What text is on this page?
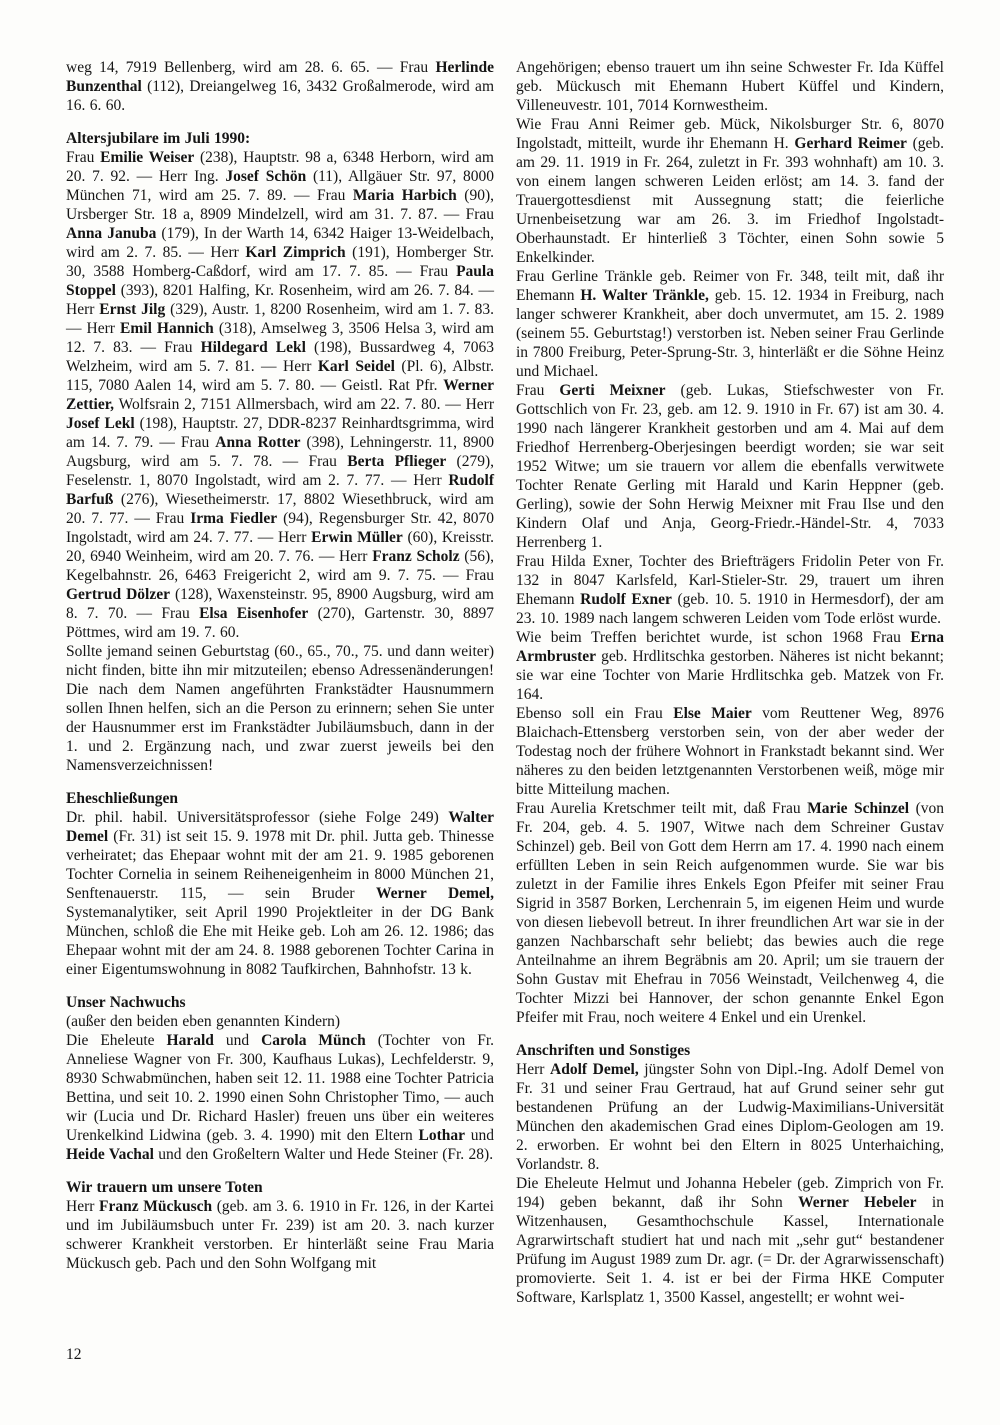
weg 14, 7919 Bellenberg, wird am 28. 6. 65. — Frau Herlinde Bunzenthal (112), Dreiangelweg 16, 3432 Großalmerode, wird am 16. 6. 60.

Altersjubilare im Juli 1990:

Frau Emilie Weiser (238), Hauptstr. 98 a, 6348 Herborn, wird am 20. 7. 92. — Herr Ing. Josef Schön (11), Allgäuer Str. 97, 8000 München 71, wird am 25. 7. 89. — Frau Maria Harbich (90), Ursberger Str. 18 a, 8909 Mindelzell, wird am 31. 7. 87. — Frau Anna Januba (179), In der Warth 14, 6342 Haiger 13-Weidelbach, wird am 2. 7. 85. — Herr Karl Zimprich (191), Homberger Str. 30, 3588 Homberg-Caßdorf, wird am 17. 7. 85. — Frau Paula Stoppel (393), 8201 Halfing, Kr. Rosenheim, wird am 26. 7. 84. — Herr Ernst Jilg (329), Austr. 1, 8200 Rosenheim, wird am 1. 7. 83. — Herr Emil Hannich (318), Amselweg 3, 3506 Helsa 3, wird am 12. 7. 83. — Frau Hildegard Lekl (198), Bussardweg 4, 7063 Welzheim, wird am 5. 7. 81. — Herr Karl Seidel (Pl. 6), Albstr. 115, 7080 Aalen 14, wird am 5. 7. 80. — Geistl. Rat Pfr. Werner Zettier, Wolfsrain 2, 7151 Allmersbach, wird am 22. 7. 80. — Herr Josef Lekl (198), Hauptstr. 27, DDR-8237 Reinhardtsgrimma, wird am 14. 7. 79. — Frau Anna Rotter (398), Lehningerstr. 11, 8900 Augsburg, wird am 5. 7. 78. — Frau Berta Pflieger (279), Feselenstr. 1, 8070 Ingolstadt, wird am 2. 7. 77. — Herr Rudolf Barfuß (276), Wiesetheimerstr. 17, 8802 Wiesethbruck, wird am 20. 7. 77. — Frau Irma Fiedler (94), Regensburger Str. 42, 8070 Ingolstadt, wird am 24. 7. 77. — Herr Erwin Müller (60), Kreisstr. 20, 6940 Weinheim, wird am 20. 7. 76. — Herr Franz Scholz (56), Kegelbahnstr. 26, 6463 Freigericht 2, wird am 9. 7. 75. — Frau Gertrud Dölzer (128), Waxensteinstr. 95, 8900 Augsburg, wird am 8. 7. 70. — Frau Elsa Eisenhofer (270), Gartenstr. 30, 8897 Pöttmes, wird am 19. 7. 60.

Sollte jemand seinen Geburtstag (60., 65., 70., 75. und dann weiter) nicht finden, bitte ihn mir mitzuteilen; ebenso Adressenänderungen! Die nach dem Namen angeführten Frankstädter Hausnummern sollen Ihnen helfen, sich an die Person zu erinnern; sehen Sie unter der Hausnummer erst im Frankstädter Jubiläumsbuch, dann in der 1. und 2. Ergänzung nach, und zwar zuerst jeweils bei den Namensverzeichnissen!

Eheschließungen

Dr. phil. habil. Universitätsprofessor (siehe Folge 249) Walter Demel (Fr. 31) ist seit 15. 9. 1978 mit Dr. phil. Jutta geb. Thinesse verheiratet; das Ehepaar wohnt mit der am 21. 9. 1985 geborenen Tochter Cornelia in seinem Reiheneigenheim in 8000 München 21, Senftenauerstr. 115, — sein Bruder Werner Demel, Systemanalytiker, seit April 1990 Projektleiter in der DG Bank München, schloß die Ehe mit Heike geb. Loh am 26. 12. 1986; das Ehepaar wohnt mit der am 24. 8. 1988 geborenen Tochter Carina in einer Eigentumswohnung in 8082 Taufkirchen, Bahnhofstr. 13 k.

Unser Nachwuchs

(außer den beiden eben genannten Kindern)

Die Eheleute Harald und Carola Münch (Tochter von Fr. Anneliese Wagner von Fr. 300, Kaufhaus Lukas), Lechfelderstr. 9, 8930 Schwabmünchen, haben seit 12. 11. 1988 eine Tochter Patricia Bettina, und seit 10. 2. 1990 einen Sohn Christopher Timo, — auch wir (Lucia und Dr. Richard Hasler) freuen uns über ein weiteres Urenkelkind Lidwina (geb. 3. 4. 1990) mit den Eltern Lothar und Heide Vachal und den Großeltern Walter und Hede Steiner (Fr. 28).

Wir trauern um unsere Toten

Herr Franz Mückusch (geb. am 3. 6. 1910 in Fr. 126, in der Kartei und im Jubiläumsbuch unter Fr. 239) ist am 20. 3. nach kurzer schwerer Krankheit verstorben. Er hinterläßt seine Frau Maria Mückusch geb. Pach und den Sohn Wolfgang mit

Angehörigen; ebenso trauert um ihn seine Schwester Fr. Ida Küffel geb. Mückusch mit Ehemann Hubert Küffel und Kindern, Villeneuvestr. 101, 7014 Kornwestheim.

Wie Frau Anni Reimer geb. Mück, Nikolsburger Str. 6, 8070 Ingolstadt, mitteilt, wurde ihr Ehemann H. Gerhard Reimer (geb. am 29. 11. 1919 in Fr. 264, zuletzt in Fr. 393 wohnhaft) am 10. 3. von einem langen schweren Leiden erlöst; am 14. 3. fand der Trauergottesdienst mit Aussegnung statt; die feierliche Urnenbeisetzung war am 26. 3. im Friedhof Ingolstadt-Oberhaunstadt. Er hinterließ 3 Töchter, einen Sohn sowie 5 Enkelkinder.

Frau Gerline Tränkle geb. Reimer von Fr. 348, teilt mit, daß ihr Ehemann H. Walter Tränkle, geb. 15. 12. 1934 in Freiburg, nach langer schwerer Krankheit, aber doch unvermutet, am 15. 2. 1989 (seinem 55. Geburtstag!) verstorben ist. Neben seiner Frau Gerlinde in 7800 Freiburg, Peter-Sprung-Str. 3, hinterläßt er die Söhne Heinz und Michael.

Frau Gerti Meixner (geb. Lukas, Stiefschwester von Fr. Gottschlich von Fr. 23, geb. am 12. 9. 1910 in Fr. 67) ist am 30. 4. 1990 nach längerer Krankheit gestorben und am 4. Mai auf dem Friedhof Herrenberg-Oberjesingen beerdigt worden; sie war seit 1952 Witwe; um sie trauern vor allem die ebenfalls verwitwete Tochter Renate Gerling mit Harald und Karin Heppner (geb. Gerling), sowie der Sohn Herwig Meixner mit Frau Ilse und den Kindern Olaf und Anja, Georg-Friedr.-Händel-Str. 4, 7033 Herrenberg 1.

Frau Hilda Exner, Tochter des Briefträgers Fridolin Peter von Fr. 132 in 8047 Karlsfeld, Karl-Stieler-Str. 29, trauert um ihren Ehemann Rudolf Exner (geb. 10. 5. 1910 in Hermesdorf), der am 23. 10. 1989 nach langem schweren Leiden vom Tode erlöst wurde.

Wie beim Treffen berichtet wurde, ist schon 1968 Frau Erna Armbruster geb. Hrdlitschka gestorben. Näheres ist nicht bekannt; sie war eine Tochter von Marie Hrdlitschka geb. Matzek von Fr. 164.

Ebenso soll ein Frau Else Maier vom Reuttener Weg, 8976 Blaichach-Ettensberg verstorben sein, von der aber weder der Todestag noch der frühere Wohnort in Frankstadt bekannt sind. Wer näheres zu den beiden letztgenannten Verstorbenen weiß, möge mir bitte Mitteilung machen.

Frau Aurelia Kretschmer teilt mit, daß Frau Marie Schinzel (von Fr. 204, geb. 4. 5. 1907, Witwe nach dem Schreiner Gustav Schinzel) geb. Beil von Gott dem Herrn am 17. 4. 1990 nach einem erfüllten Leben in sein Reich aufgenommen wurde. Sie war bis zuletzt in der Familie ihres Enkels Egon Pfeifer mit seiner Frau Sigrid in 3587 Borken, Lerchenrain 5, im eigenen Heim und wurde von diesen liebevoll betreut. In ihrer freundlichen Art war sie in der ganzen Nachbarschaft sehr beliebt; das bewies auch die rege Anteilnahme an ihrem Begräbnis am 20. April; um sie trauern der Sohn Gustav mit Ehefrau in 7056 Weinstadt, Veilchenweg 4, die Tochter Mizzi bei Hannover, der schon genannte Enkel Egon Pfeifer mit Frau, noch weitere 4 Enkel und ein Urenkel.

Anschriften und Sonstiges

Herr Adolf Demel, jüngster Sohn von Dipl.-Ing. Adolf Demel von Fr. 31 und seiner Frau Gertraud, hat auf Grund seiner sehr gut bestandenen Prüfung an der Ludwig-Maximilians-Universität München den akademischen Grad eines Diplom-Geologen am 19. 2. erworben. Er wohnt bei den Eltern in 8025 Unterhaiching, Vorlandstr. 8.

Die Eheleute Helmut und Johanna Hebeler (geb. Zimprich von Fr. 194) geben bekannt, daß ihr Sohn Werner Hebeler in Witzenhausen, Gesamthochschule Kassel, Internationale Agrarwirtschaft studiert hat und nach mit „sehr gut“ bestandener Prüfung im August 1989 zum Dr. agr. (= Dr. der Agrarwissenschaft) promovierte. Seit 1. 4. ist er bei der Firma HKE Computer Software, Karlsplatz 1, 3500 Kassel, angestellt; er wohnt wei-

12
